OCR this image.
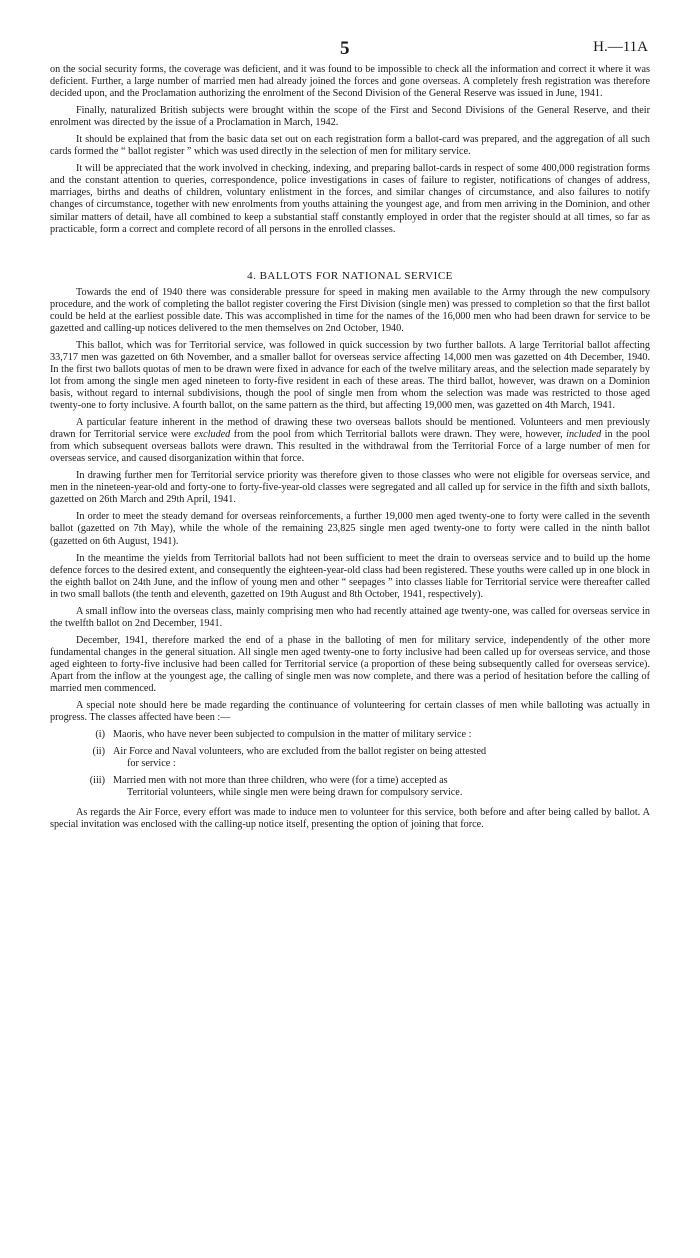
5	H.—11A

on the social security forms, the coverage was deficient, and it was found to be impossible to check all the information and correct it where it was deficient. Further, a large number of married men had already joined the forces and gone overseas. A completely fresh registration was therefore decided upon, and the Proclamation authorizing the enrolment of the Second Division of the General Reserve was issued in June, 1941.

Finally, naturalized British subjects were brought within the scope of the First and Second Divisions of the General Reserve, and their enrolment was directed by the issue of a Proclamation in March, 1942.

It should be explained that from the basic data set out on each registration form a ballot-card was prepared, and the aggregation of all such cards formed the “ ballot register ” which was used directly in the selection of men for military service.

It will be appreciated that the work involved in checking, indexing, and preparing ballot-cards in respect of some 400,000 registration forms and the constant attention to queries, correspondence, police investigations in cases of failure to register, notifications of changes of address, marriages, births and deaths of children, voluntary enlistment in the forces, and similar changes of circumstance, and also failures to notify changes of circumstance, together with new enrolments from youths attaining the youngest age, and from men arriving in the Dominion, and other similar matters of detail, have all combined to keep a substantial staff constantly employed in order that the register should at all times, so far as practicable, form a correct and complete record of all persons in the enrolled classes.

4. BALLOTS FOR NATIONAL SERVICE

Towards the end of 1940 there was considerable pressure for speed in making men available to the Army through the new compulsory procedure, and the work of completing the ballot register covering the First Division (single men) was pressed to completion so that the first ballot could be held at the earliest possible date. This was accomplished in time for the names of the 16,000 men who had been drawn for service to be gazetted and calling-up notices delivered to the men themselves on 2nd October, 1940.

This ballot, which was for Territorial service, was followed in quick succession by two further ballots. A large Territorial ballot affecting 33,717 men was gazetted on 6th November, and a smaller ballot for overseas service affecting 14,000 men was gazetted on 4th December, 1940. In the first two ballots quotas of men to be drawn were fixed in advance for each of the twelve military areas, and the selection made separately by lot from among the single men aged nineteen to forty-five resident in each of these areas. The third ballot, however, was drawn on a Dominion basis, without regard to internal subdivisions, though the pool of single men from whom the selection was made was restricted to those aged twenty-one to forty inclusive. A fourth ballot, on the same pattern as the third, but affecting 19,000 men, was gazetted on 4th March, 1941.

A particular feature inherent in the method of drawing these two overseas ballots should be mentioned. Volunteers and men previously drawn for Territorial service were excluded from the pool from which Territorial ballots were drawn. They were, however, included in the pool from which subsequent overseas ballots were drawn. This resulted in the withdrawal from the Territorial Force of a large number of men for overseas service, and caused disorganization within that force.

In drawing further men for Territorial service priority was therefore given to those classes who were not eligible for overseas service, and men in the nineteen-year-old and forty-one to forty-five-year-old classes were segregated and all called up for service in the fifth and sixth ballots, gazetted on 26th March and 29th April, 1941.

In order to meet the steady demand for overseas reinforcements, a further 19,000 men aged twenty-one to forty were called in the seventh ballot (gazetted on 7th May), while the whole of the remaining 23,825 single men aged twenty-one to forty were called in the ninth ballot (gazetted on 6th August, 1941).

In the meantime the yields from Territorial ballots had not been sufficient to meet the drain to overseas service and to build up the home defence forces to the desired extent, and consequently the eighteen-year-old class had been registered. These youths were called up in one block in the eighth ballot on 24th June, and the inflow of young men and other “ seepages ” into classes liable for Territorial service were thereafter called in two small ballots (the tenth and eleventh, gazetted on 19th August and 8th October, 1941, respectively).

A small inflow into the overseas class, mainly comprising men who had recently attained age twenty-one, was called for overseas service in the twelfth ballot on 2nd December, 1941.

December, 1941, therefore marked the end of a phase in the balloting of men for military service, independently of the other more fundamental changes in the general situation. All single men aged twenty-one to forty inclusive had been called up for overseas service, and those aged eighteen to forty-five inclusive had been called for Territorial service (a proportion of these being subsequently called for overseas service). Apart from the inflow at the youngest age, the calling of single men was now complete, and there was a period of hesitation before the calling of married men commenced.

A special note should here be made regarding the continuance of volunteering for certain classes of men while balloting was actually in progress. The classes affected have been :—

(i) Maoris, who have never been subjected to compulsion in the matter of military service :
(ii) Air Force and Naval volunteers, who are excluded from the ballot register on being attested
for service :
(iii) Married men with not more than three children, who were (for a time) accepted as
Territorial volunteers, while single men were being drawn for compulsory service.

As regards the Air Force, every effort was made to induce men to volunteer for this service, both before and after being called by ballot. A special invitation was enclosed with the calling-up notice itself, presenting the option of joining that force.
